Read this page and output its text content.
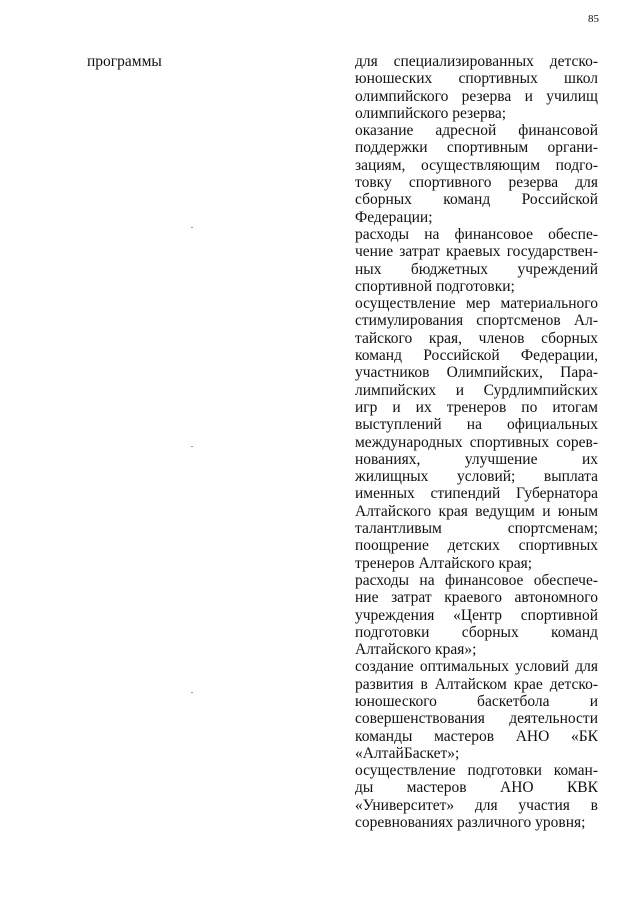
85
программы	для специализированных детско-

юношеских спортивных школ

олимпийского резерва и училищ

олимпийского резерва;

оказание адресной финансовой

поддержки спортивным органи-

зациям, осуществляющим подго-

товку спортивного резерва для

сборных команд Российской

Федерации;

расходы на финансовое обеспе-

чение затрат краевых государствен-

ных бюджетных учреждений

спортивной подготовки;

осуществление мер материального

стимулирования спортсменов Ал-

тайского края, членов сборных

команд Российской Федерации,

участников Олимпийских, Пара-

лимпийских и Сурдлимпийских

игр и их тренеров по итогам

выступлений на официальных

международных спортивных сорев-

нованиях, улучшение их

жилищных условий; выплата

именных стипендий Губернатора

Алтайского края ведущим и юным

талантливым спортсменам;

поощрение детских спортивных

тренеров Алтайского края;

расходы на финансовое обеспече-

ние затрат краевого автономного

учреждения «Центр спортивной

подготовки сборных команд

Алтайского края»;

создание оптимальных условий для

развития в Алтайском крае детско-

юношеского баскетбола и

совершенствования деятельности

команды мастеров АНО «БК

«АлтайБаскет»;

осуществление подготовки коман-

ды мастеров АНО КВК

«Университет» для участия в

соревнованиях различного уровня;
